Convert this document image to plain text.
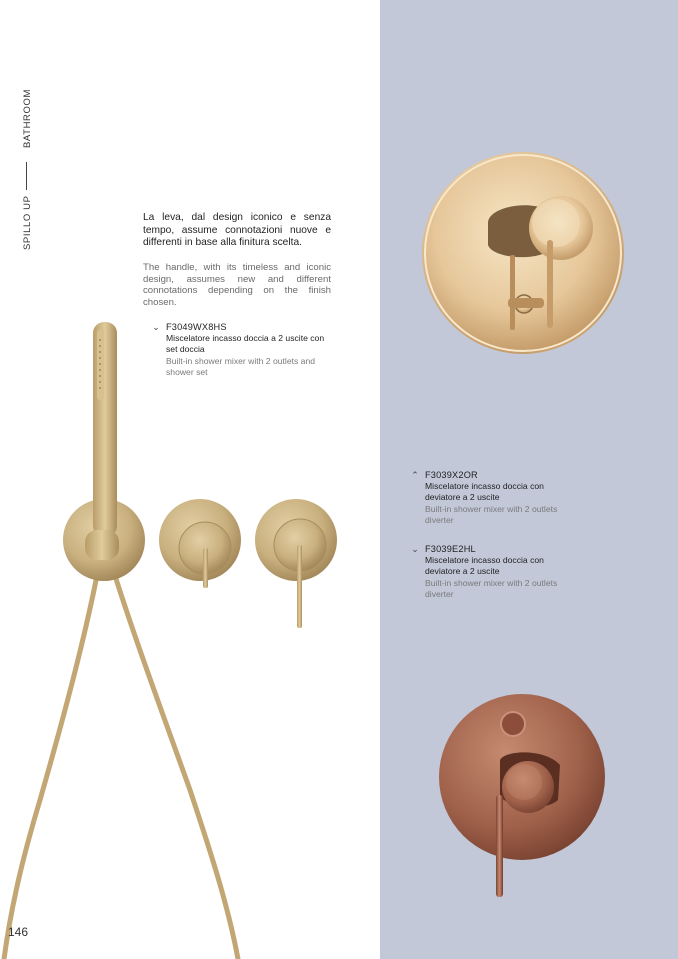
SPILLO UP
BATHROOM
La leva, dal design iconico e senza tempo, assume connotazioni nuove e differenti in base alla finitura scelta.
The handle, with its timeless and iconic design, assumes new and different connotations depending on the finish chosen.
⌄ F3049WX8HS
Miscelatore incasso doccia a 2 uscite con set doccia
Built-in shower mixer with 2 outlets and shower set
⌃ F3039X2OR
Miscelatore incasso doccia con deviatore a 2 uscite
Built-in shower mixer with 2 outlets diverter
⌄ F3039E2HL
Miscelatore incasso doccia con deviatore a 2 uscite
Built-in shower mixer with 2 outlets diverter
146
